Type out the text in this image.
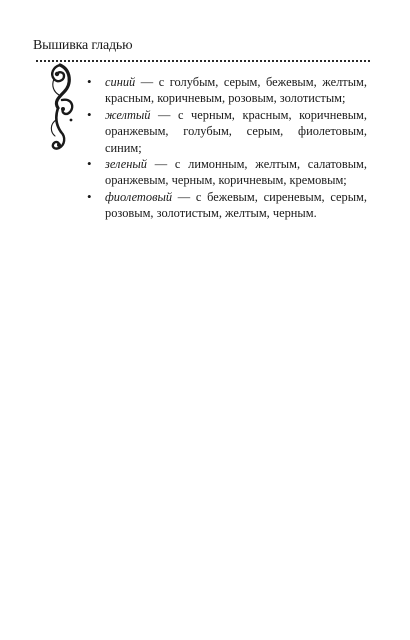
Вышивка гладью
• синий — с голубым, серым, бежевым, желтым, красным, коричневым, розовым, золотистым;
• желтый — с черным, красным, коричневым, оранжевым, голубым, серым, фиолетовым, синим;
• зеленый — с лимонным, желтым, салатовым, оранжевым, черным, коричневым, кремовым;
• фиолетовый — с бежевым, сиреневым, серым, розовым, золотистым, желтым, черным.
